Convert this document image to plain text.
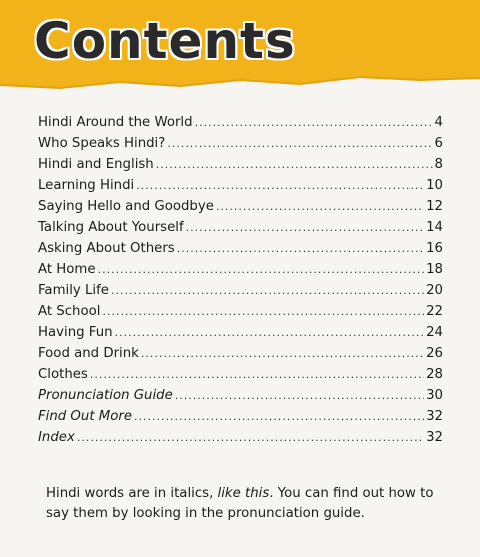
Contents
Hindi Around the World .....	4
Who Speaks Hindi? .....	6
Hindi and English .....	8
Learning Hindi .....	10
Saying Hello and Goodbye .....	12
Talking About Yourself .....	14
Asking About Others .....	16
At Home .....	18
Family Life .....	20
At School .....	22
Having Fun .....	24
Food and Drink .....	26
Clothes .....	28
Pronunciation Guide .....	30
Find Out More .....	32
Index .....	32
Hindi words are in italics, like this. You can find out how to say them by looking in the pronunciation guide.
